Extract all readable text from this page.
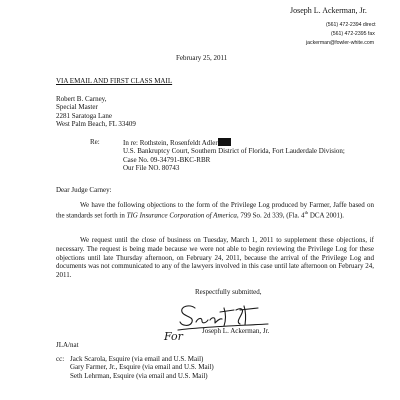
Joseph L. Ackerman, Jr.
(561) 472-2394 direct
(561) 472-2395 fax
jackerman@fowler-white.com
February 25, 2011
VIA EMAIL AND FIRST CLASS MAIL
Robert B. Carney,
Special Master
2281 Saratoga Lane
West Palm Beach, FL 33409
Re:	In re: Rothstein, Rosenfeldt Adler
U.S. Bankruptcy Court, Southern District of Florida, Fort Lauderdale Division;
Case No. 09-34791-BKC-RBR
Our File NO. 80743
Dear Judge Carney:

We have the following objections to the form of the Privilege Log produced by Farmer, Jaffe based on the standards set forth in TIG Insurance Corporation of America, 799 So. 2d 339, (Fla. 4th DCA 2001).

We request until the close of business on Tuesday, March 1, 2011 to supplement these objections, if necessary. The request is being made because we were not able to begin reviewing the Privilege Log for these objections until late Thursday afternoon, on February 24, 2011, because the arrival of the Privilege Log and documents was not communicated to any of the lawyers involved in this case until late afternoon on February 24, 2011.

Respectfully submitted,
For	Joseph L. Ackerman, Jr.
JLA/nat
cc: Jack Scarola, Esquire (via email and U.S. Mail)
Gary Farmer, Jr., Esquire (via email and U.S. Mail)
Seth Lehrman, Esquire (via email and U.S. Mail)
